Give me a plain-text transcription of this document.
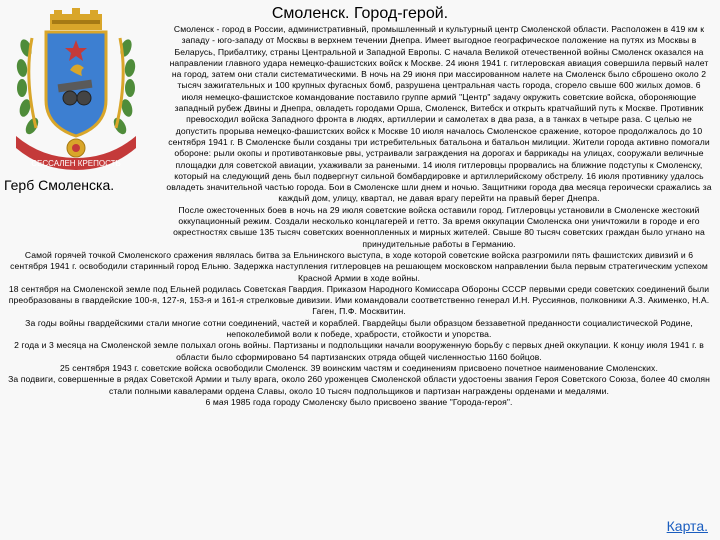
Смоленск. Город-герой.
СЕССАЛЕН КРЕПОСТЬ
Герб Смоленска.

Смоленск - город в России, административный, промышленный и культурный центр Смоленской области. Расположен в 419 км к западу - юго-западу от Москвы в верхнем течении Днепра. Имеет выгодное географическое положение на путях из Москвы в Беларусь, Прибалтику, страны Центральной и Западной Европы. С начала Великой отечественной войны Смоленск оказался на направлении главного удара немецко-фашистских войск к Москве. 24 июня 1941 г. гитлеровская авиация совершила первый налет на город, затем они стали систематическими. В ночь на 29 июня при массированном налете на Смоленск было сброшено около 2 тысяч зажигательных и 100 крупных фугасных бомб, разрушена центральная часть города, сгорело свыше 600 жилых домов. 6 июля немецко-фашистское командование поставило группе армий "Центр" задачу окружить советские войска, обороняющие западный рубеж Двины и Днепра, овладеть городами Орша, Смоленск, Витебск и открыть кратчайший путь к Москве. Противник превосходил войска Западного фронта в людях, артиллерии и самолетах в два раза, а в танках в четыре раза. С целью не допустить прорыва немецко-фашистских войск к Москве 10 июля началось Смоленское сражение, которое продолжалось до 10 сентября 1941 г. В Смоленске были созданы три истребительных батальона и батальон милиции. Жители города активно помогали обороне: рыли окопы и противотанковые рвы, устраивали заграждения на дорогах и баррикады на улицах, сооружали величные площадки для советской авиации, ухаживали за ранеными. 14 июля гитлеровцы прорвались на ближние подступы к Смоленску, который на следующий день был подвергнут сильной бомбардировке и артиллерийскому обстрелу. 16 июля противнику удалось овладеть значительной частью города. Бои в Смоленске шли днем и ночью. Защитники города два месяца героически сражались за каждый дом, улицу, квартал, не давая врагу перейти на правый берег Днепра.

После ожесточенных боев в ночь на 29 июля советские войска оставили город. Гитлеровцы установили в Смоленске жестокий оккупационный режим. Создали несколько концлагерей и гетто. За время оккупации Смоленска они уничтожили в городе и его окрестностях свыше 135 тысяч советских военнопленных и мирных жителей. Свыше 80 тысяч советских граждан было угнано на принудительные работы в Германию.

Самой горячей точкой Смоленского сражения являлась битва за Ельнинского выступа, в ходе которой советские войска разгромили пять фашистских дивизий и 6 сентября 1941 г. освободили старинный город Ельню. Задержка наступления гитлеровцев на решающем московском направлении была первым стратегическим успехом Красной Армии в ходе войны.

18 сентября на Смоленской земле под Ельней родилась Советская Гвардия. Приказом Народного Комиссара Обороны СССР первыми среди советских соединений были преобразованы в гвардейские 100-я, 127-я, 153-я и 161-я стрелковые дивизии. Ими командовали соответственно генерал И.Н. Руссиянов, полковники А.З. Акименко, Н.А. Гаген, П.Ф. Москвитин.

За годы войны гвардейскими стали многие сотни соединений, частей и кораблей. Гвардейцы были образцом беззаветной преданности социалистической Родине, непоколебимой воли к победе, храбрости, стойкости и упорства.

2 года и 3 месяца на Смоленской земле полыхал огонь войны. Партизаны и подпольщики начали вооруженную борьбу с первых дней оккупации. К концу июля 1941 г. в области было сформировано 54 партизанских отряда общей численностью 1160 бойцов.

25 сентября 1943 г. советские войска освободили Смоленск. 39 воинским частям и соединениям присвоено почетное наименование Смоленских.

За подвиги, совершенные в рядах Советской Армии и тылу врага, около 260 уроженцев Смоленской области удостоены звания Героя Советского Союза, более 40 смолян стали полными кавалерами ордена Славы, около 10 тысяч подпольщиков и партизан награждены орденами и медалями.

6 мая 1985 года городу Смоленску было присвоено звание "Города-героя".

Карта.
